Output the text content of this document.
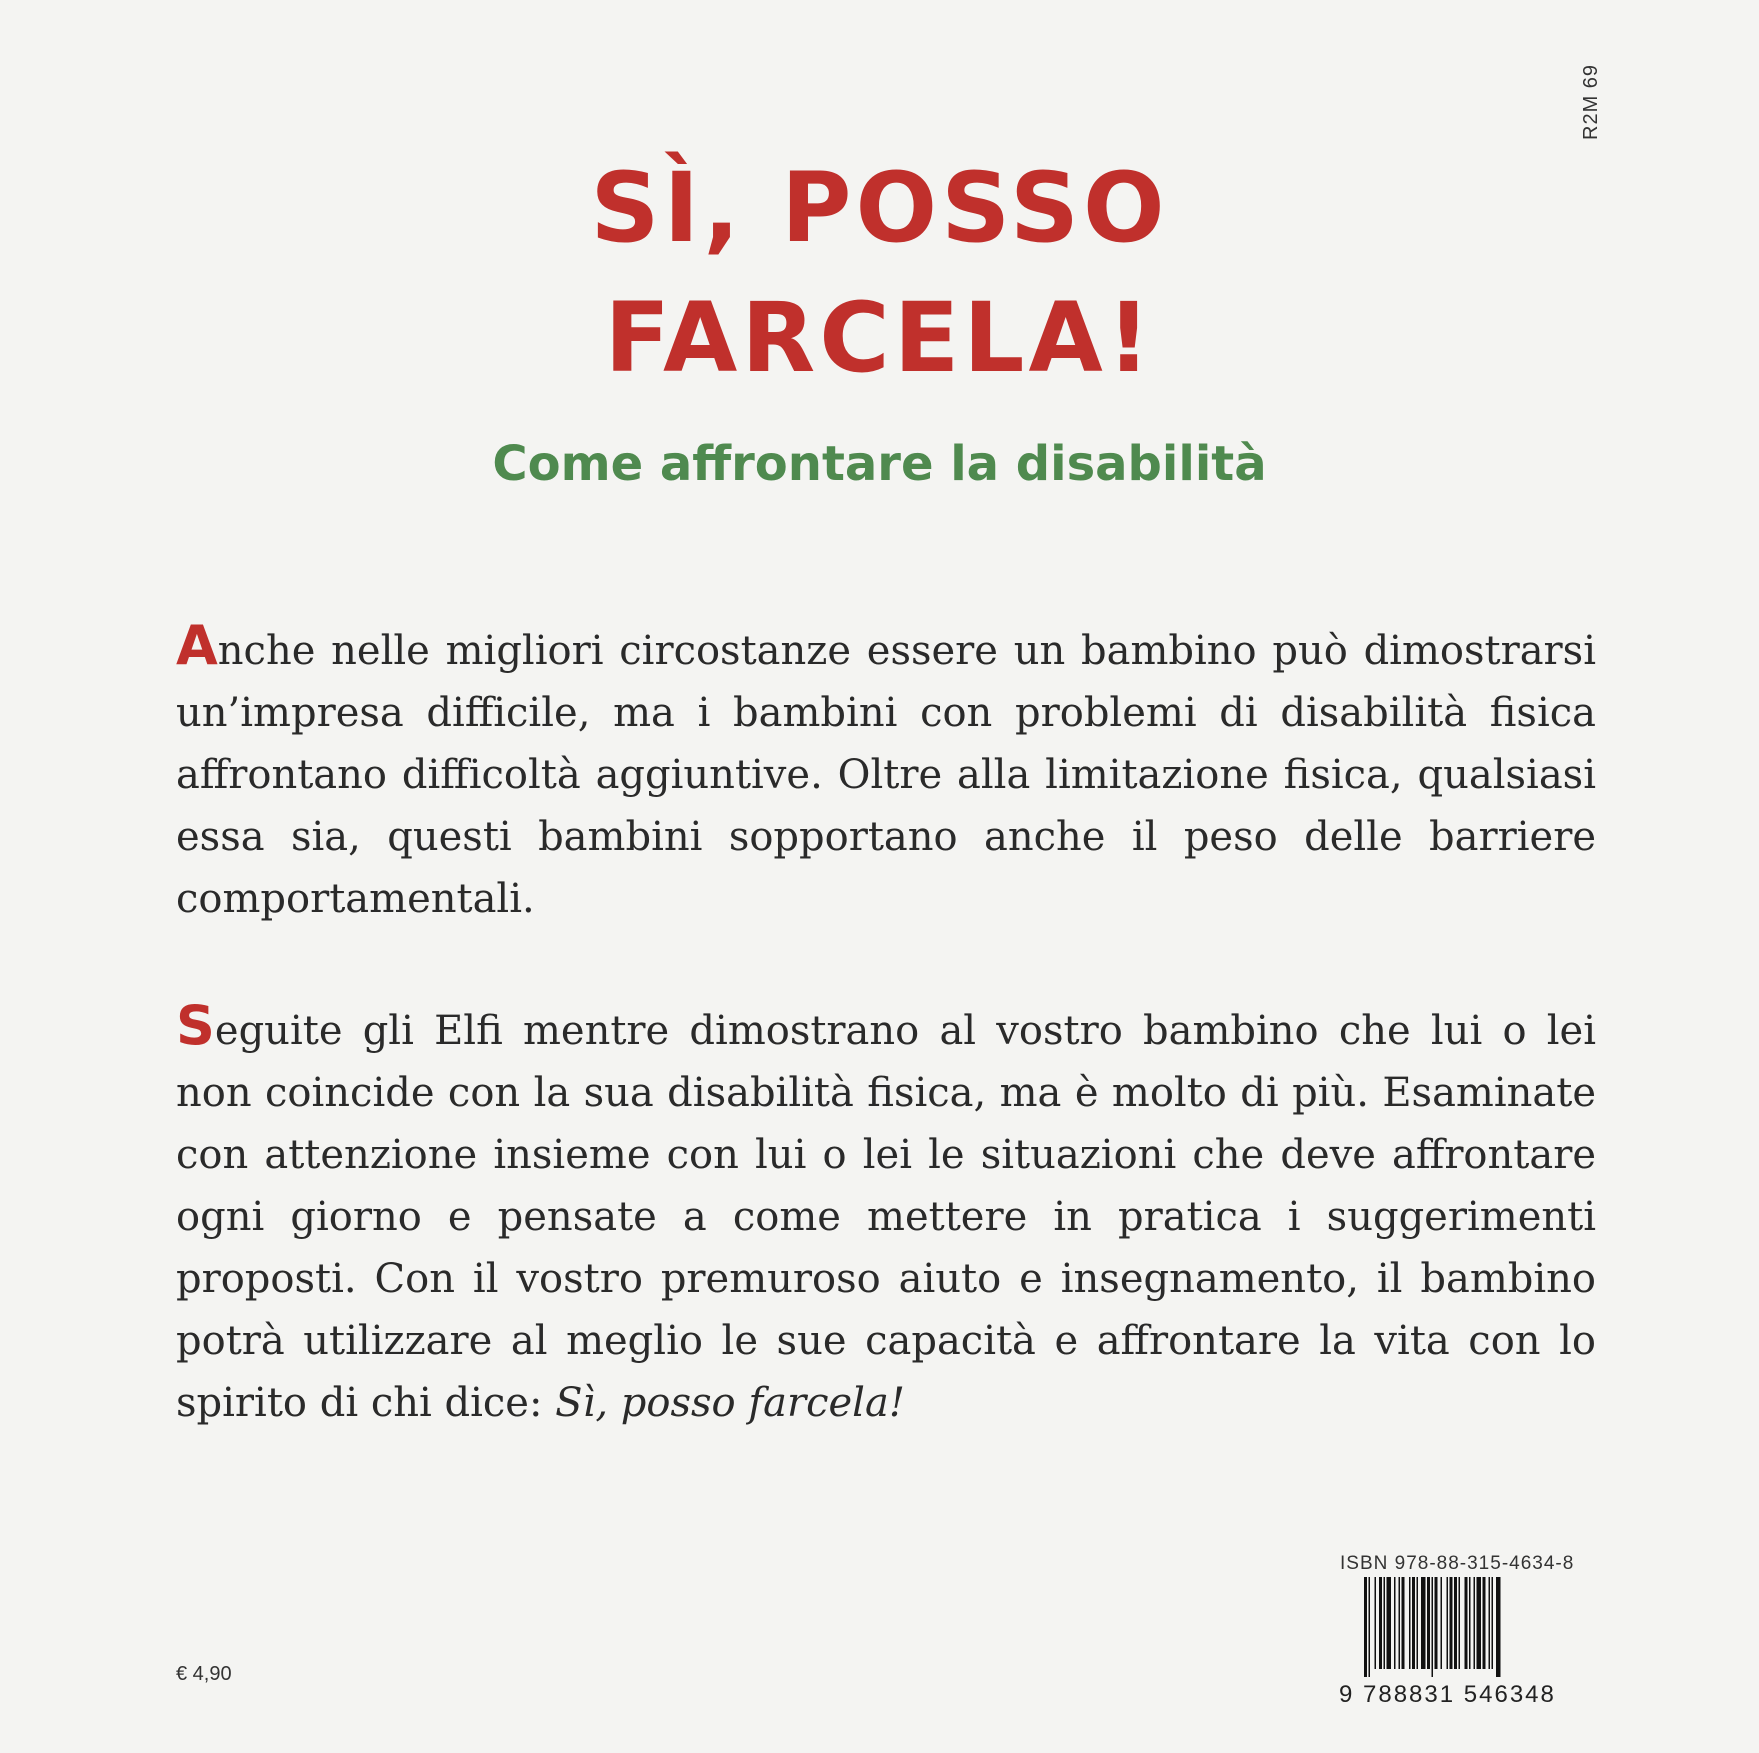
R2M 69
SÌ, POSSO
FARCELA!
Come affrontare la disabilità

Anche nelle migliori circostanze essere un bambino può dimostrarsi un’impresa difficile, ma i bambini con problemi di disabilità fisica affrontano difficoltà aggiuntive. Oltre alla limitazione fisica, qualsiasi essa sia, questi bambini sopportano anche il peso delle barriere comportamentali.

Seguite gli Elfi mentre dimostrano al vostro bambino che lui o lei non coincide con la sua disabilità fisica, ma è molto di più. Esaminate con attenzione insieme con lui o lei le situazioni che deve affrontare ogni giorno e pensate a come mettere in pratica i suggerimenti proposti. Con il vostro premuroso aiuto e insegnamento, il bambino potrà utilizzare al meglio le sue capacità e affrontare la vita con lo spirito di chi dice: Sì, posso farcela!

ISBN 978-88-315-4634-8
9 788831 546348
€ 4,90
